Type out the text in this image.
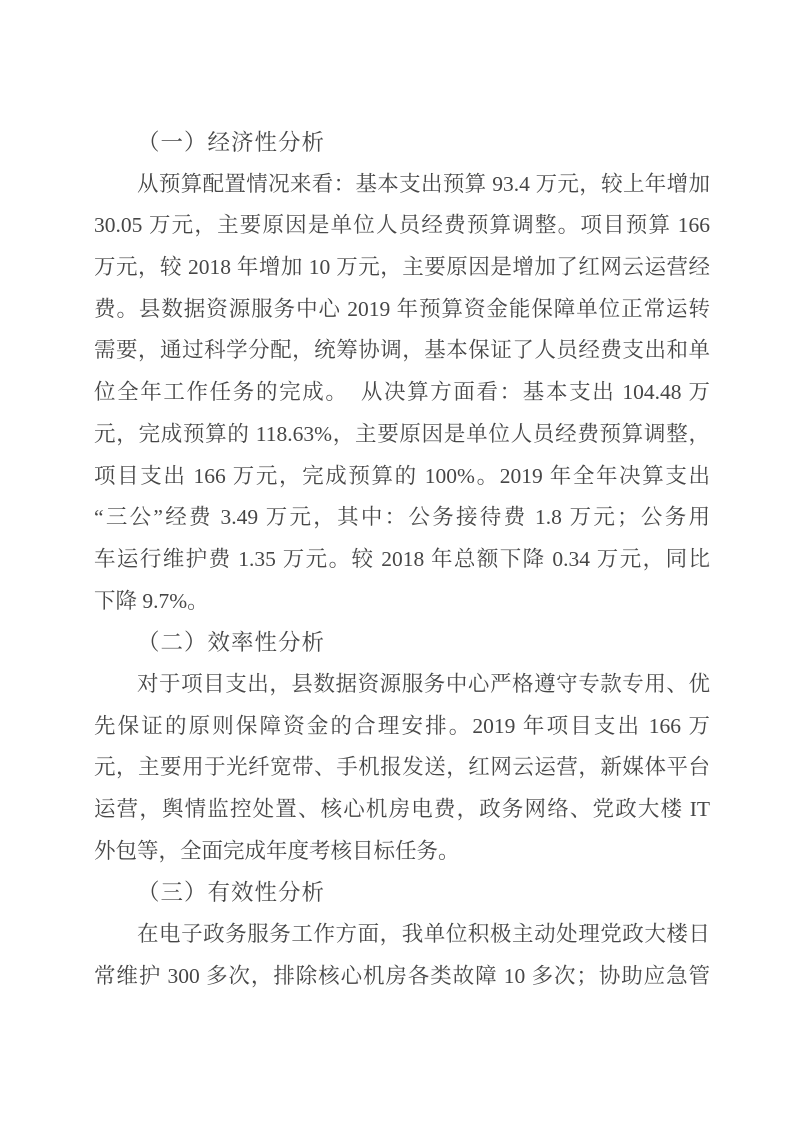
（一）经济性分析
从预算配置情况来看：基本支出预算 93.4 万元，较上年增加
30.05 万元，主要原因是单位人员经费预算调整。项目预算 166
万元，较 2018 年增加 10 万元，主要原因是增加了红网云运营经
费。县数据资源服务中心 2019 年预算资金能保障单位正常运转
需要，通过科学分配，统筹协调，基本保证了人员经费支出和单
位全年工作任务的完成。　从决算方面看：基本支出 104.48 万
元，完成预算的 118.63%，主要原因是单位人员经费预算调整，
项目支出 166 万元，完成预算的 100%。2019 年全年决算支出
“三公”经费 3.49 万元，其中：公务接待费 1.8 万元；公务用
车运行维护费 1.35 万元。较 2018 年总额下降 0.34 万元，同比
下降 9.7%。
（二）效率性分析
对于项目支出，县数据资源服务中心严格遵守专款专用、优
先保证的原则保障资金的合理安排。2019 年项目支出 166 万
元，主要用于光纤宽带、手机报发送，红网云运营，新媒体平台
运营，舆情监控处置、核心机房电费，政务网络、党政大楼 IT
外包等，全面完成年度考核目标任务。
（三）有效性分析
在电子政务服务工作方面，我单位积极主动处理党政大楼日
常维护 300 多次，排除核心机房各类故障 10 多次；协助应急管
